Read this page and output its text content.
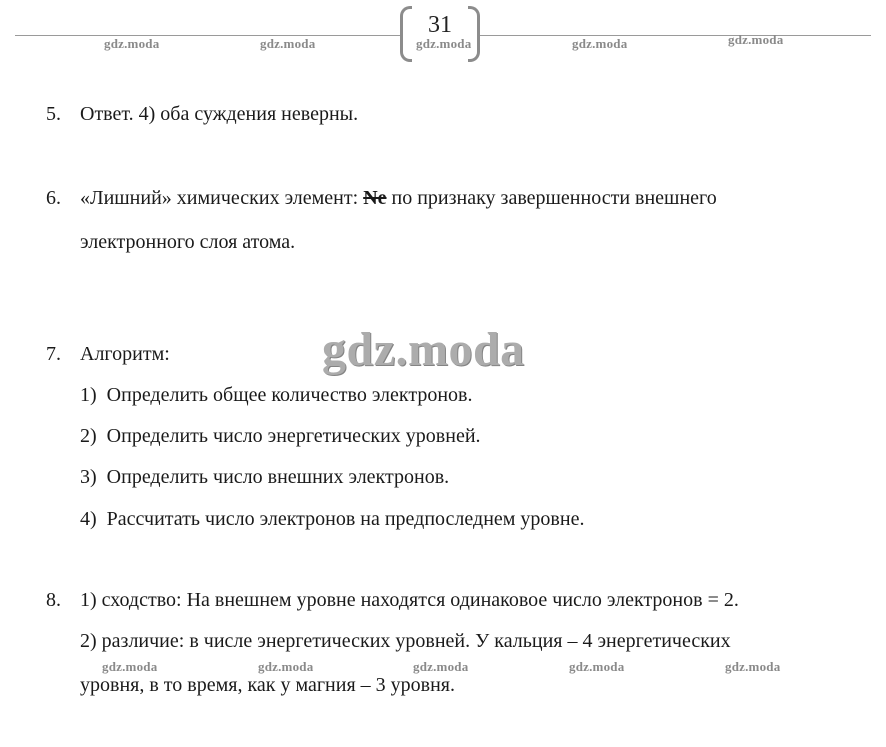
31
gdz.moda	gdz.moda	gdz.moda	gdz.moda	gdz.moda
5. Ответ. 4) оба суждения неверны.
6. «Лишний» химических элемент: Ne по признаку завершенности внешнего
электронного слоя атома.
7. Алгоритм:	gdz.moda
1) Определить общее количество электронов.
2) Определить число энергетических уровней.
3) Определить число внешних электронов.
4) Рассчитать число электронов на предпоследнем уровне.
8. 1) сходство: На внешнем уровне находятся одинаковое число электронов = 2.
2) различие: в числе энергетических уровней. У кальция – 4 энергетических
уровня, в то время, как у магния – 3 уровня.
gdz.moda	gdz.moda	gdz.moda	gdz.moda	gdz.moda
